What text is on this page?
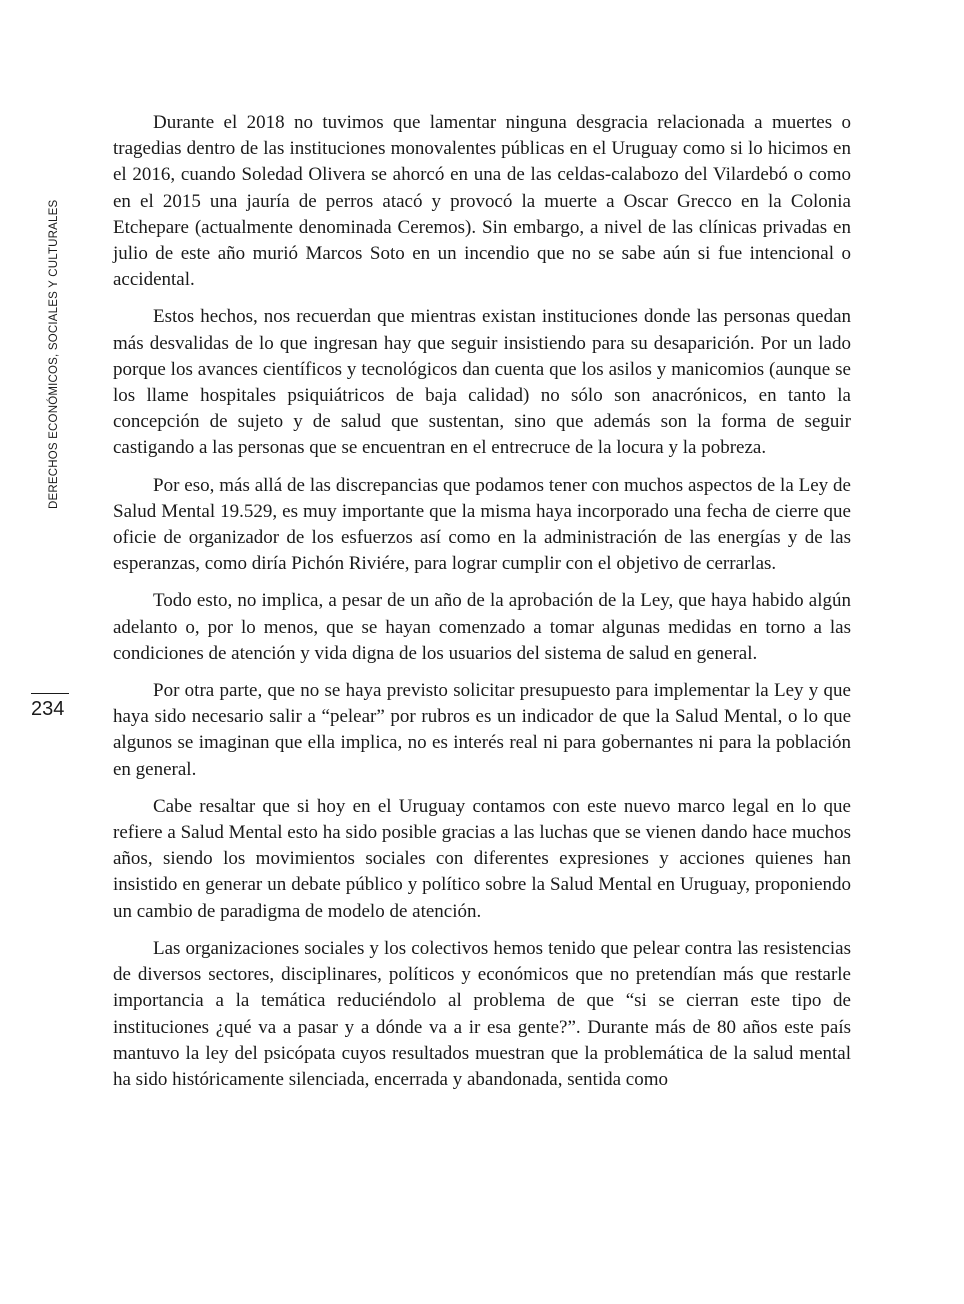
DERECHOS ECONÓMICOS, SOCIALES Y CULTURALES
234

Durante el 2018 no tuvimos que lamentar ninguna desgracia relacionada a muertes o tragedias dentro de las instituciones monovalentes públicas en el Uruguay como si lo hicimos en el 2016, cuando Soledad Olivera se ahorcó en una de las celdas-calabozo del Vilardebó o como en el 2015 una jauría de perros atacó y provocó la muerte a Oscar Grecco en la Colonia Etchepare (actualmente denominada Ceremos). Sin embargo, a nivel de las clínicas privadas en julio de este año murió Marcos Soto en un incendio que no se sabe aún si fue intencional o accidental.

Estos hechos, nos recuerdan que mientras existan instituciones donde las personas quedan más desvalidas de lo que ingresan hay que seguir insistiendo para su desaparición. Por un lado porque los avances científicos y tecnológicos dan cuenta que los asilos y manicomios (aunque se los llame hospitales psiquiátricos de baja calidad) no sólo son anacrónicos, en tanto la concepción de sujeto y de salud que sustentan, sino que además son la forma de seguir castigando a las personas que se encuentran en el entrecruce de la locura y la pobreza.

Por eso, más allá de las discrepancias que podamos tener con muchos aspectos de la Ley de Salud Mental 19.529, es muy importante que la misma haya incorporado una fecha de cierre que oficie de organizador de los esfuerzos así como en la administración de las energías y de las esperanzas, como diría Pichón Riviére, para lograr cumplir con el objetivo de cerrarlas.

Todo esto, no implica, a pesar de un año de la aprobación de la Ley, que haya habido algún adelanto o, por lo menos, que se hayan comenzado a tomar algunas medidas en torno a las condiciones de atención y vida digna de los usuarios del sistema de salud en general.

Por otra parte, que no se haya previsto solicitar presupuesto para implementar la Ley y que haya sido necesario salir a “pelear” por rubros es un indicador de que la Salud Mental, o lo que algunos se imaginan que ella implica, no es interés real ni para gobernantes ni para la población en general.

Cabe resaltar que si hoy en el Uruguay contamos con este nuevo marco legal en lo que refiere a Salud Mental esto ha sido posible gracias a las luchas que se vienen dando hace muchos años, siendo los movimientos sociales con diferentes expresiones y acciones quienes han insistido en generar un debate público y político sobre la Salud Mental en Uruguay, proponiendo un cambio de paradigma de modelo de atención.

Las organizaciones sociales y los colectivos hemos tenido que pelear contra las resistencias de diversos sectores, disciplinares, políticos y económicos que no pretendían más que restarle importancia a la temática reduciéndolo al problema de que “si se cierran este tipo de instituciones ¿qué va a pasar y a dónde va a ir esa gente?”. Durante más de 80 años este país mantuvo la ley del psicópata cuyos resultados muestran que la problemática de la salud mental ha sido históricamente silenciada, encerrada y abandonada, sentida como
